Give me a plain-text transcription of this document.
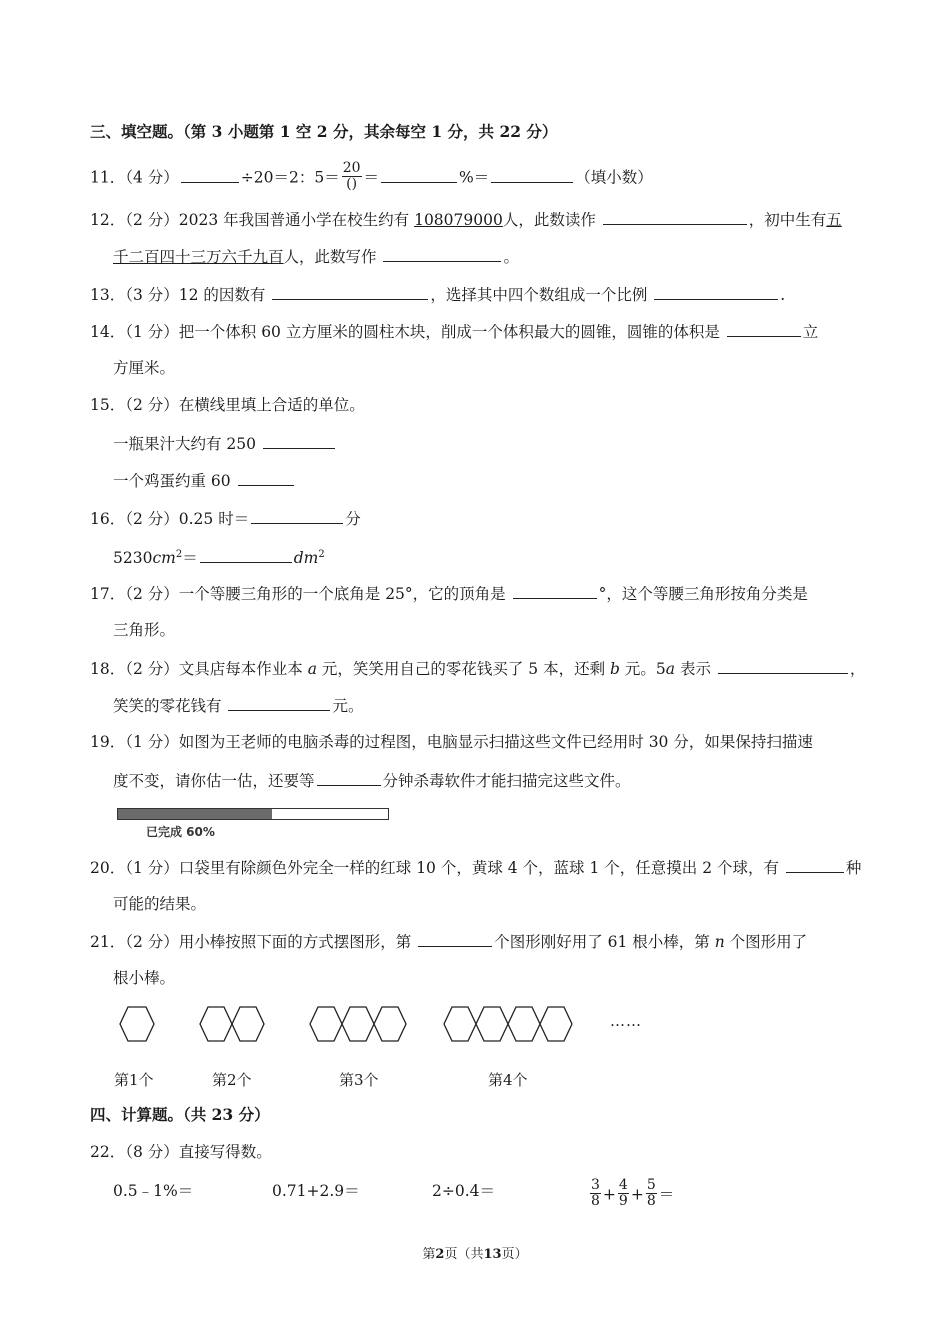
三、填空题。（第 3 小题第 1 空 2 分，其余每空 1 分，共 22 分）
11．（4 分）	÷20＝2：$5= \frac{20}{()}$ ＝	%＝	（填小数）
12．（2 分）2023 年我国普通小学在校生约有 108079000人，此数读作	，初中生有五
千二百四十三万六千九百人，此数写作	。
13．（3 分）12 的因数有	，选择其中四个数组成一个比例	.
14．（1 分）把一个体积 60 立方厘米的圆柱木块，削成一个体积最大的圆锥，圆锥的体积是	立
方厘米。
15．（2 分）在横线里填上合适的单位。
一瓶果汁大约有 250
一个鸡蛋约重 60
16．（2 分）0.25 时＝	分
$5230cm^2=$	$dm^2$
17．（2 分）一个等腰三角形的一个底角是 25°，它的顶角是	°，这个等腰三角形按角分类是
三角形。
18．（2 分）文具店每本作业本 a 元，笑笑用自己的零花钱买了 5 本，还剩 b 元。5a 表示	，
笑笑的零花钱有	元。
19．（1 分）如图为王老师的电脑杀毒的过程图，电脑显示扫描这些文件已经用时 30 分，如果保持扫描速
度不变，请你估一估，还要等	分钟杀毒软件才能扫描完这些文件。
已完成 60%
20．（1 分）口袋里有除颜色外完全一样的红球 10 个，黄球 4 个，蓝球 1 个，任意摸出 2 个球，有	种
可能的结果。
21．（2 分）用小棒按照下面的方式摆图形，第	个图形刚好用了 61 根小棒，第 n 个图形用了
根小棒。
……
第1个	第2个	第3个	第4个
四、计算题。（共 23 分）
22．（8 分）直接写得数。
0.5﹣1%＝	0.71+2.9＝	2÷0.4＝	$\frac{3}{8} + \frac{4}{9} + \frac{5}{8}$ ＝
第2页（共13页）
